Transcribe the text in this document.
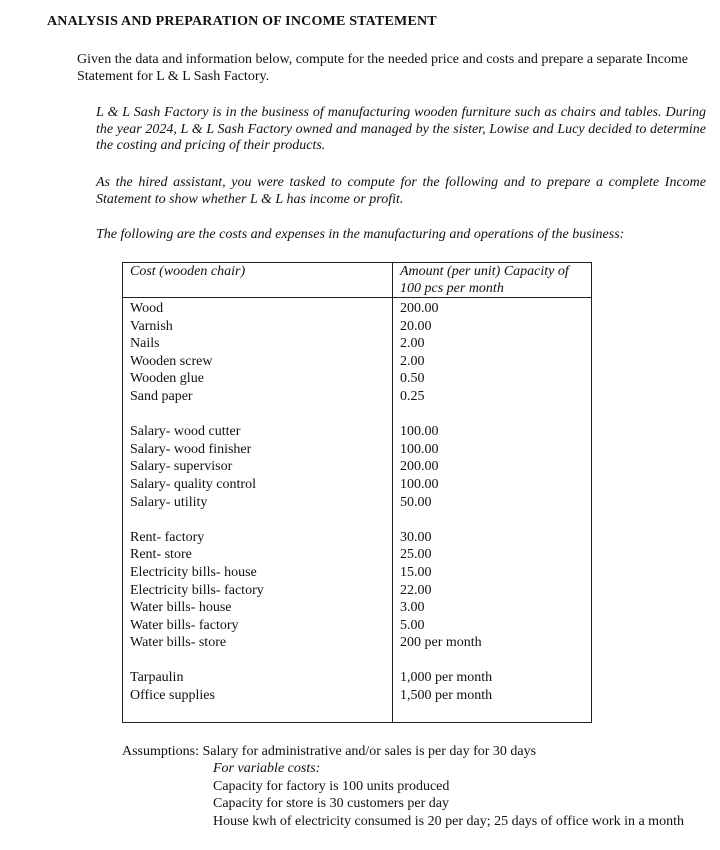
ANALYSIS AND PREPARATION OF INCOME STATEMENT
Given the data and information below, compute for the needed price and costs and prepare a separate Income Statement for L & L Sash Factory.
L & L Sash Factory is in the business of manufacturing wooden furniture such as chairs and tables. During the year 2024, L & L Sash Factory owned and managed by the sister, Lowise and Lucy decided to determine the costing and pricing of their products.
As the hired assistant, you were tasked to compute for the following and to prepare a complete Income Statement to show whether L & L has income or profit.
The following are the costs and expenses in the manufacturing and operations of the business:
Cost (wooden chair)	Amount (per unit) Capacity of 100 pcs per month
Wood
Varnish
Nails
Wooden screw
Wooden glue
Sand paper
Salary- wood cutter
Salary- wood finisher
Salary- supervisor
Salary- quality control
Salary- utility
Rent- factory
Rent- store
Electricity bills- house
Electricity bills- factory
Water bills- house
Water bills- factory
Water bills- store
Tarpaulin
Office supplies
200.00
20.00
2.00
2.00
0.50
0.25
100.00
100.00
200.00
100.00
50.00
30.00
25.00
15.00
22.00
3.00
5.00
200 per month
1,000 per month
1,500 per month
Assumptions: Salary for administrative and/or sales is per day for 30 days
For variable costs:
Capacity for factory is 100 units produced
Capacity for store is 30 customers per day
House kwh of electricity consumed is 20 per day; 25 days of office work in a month
